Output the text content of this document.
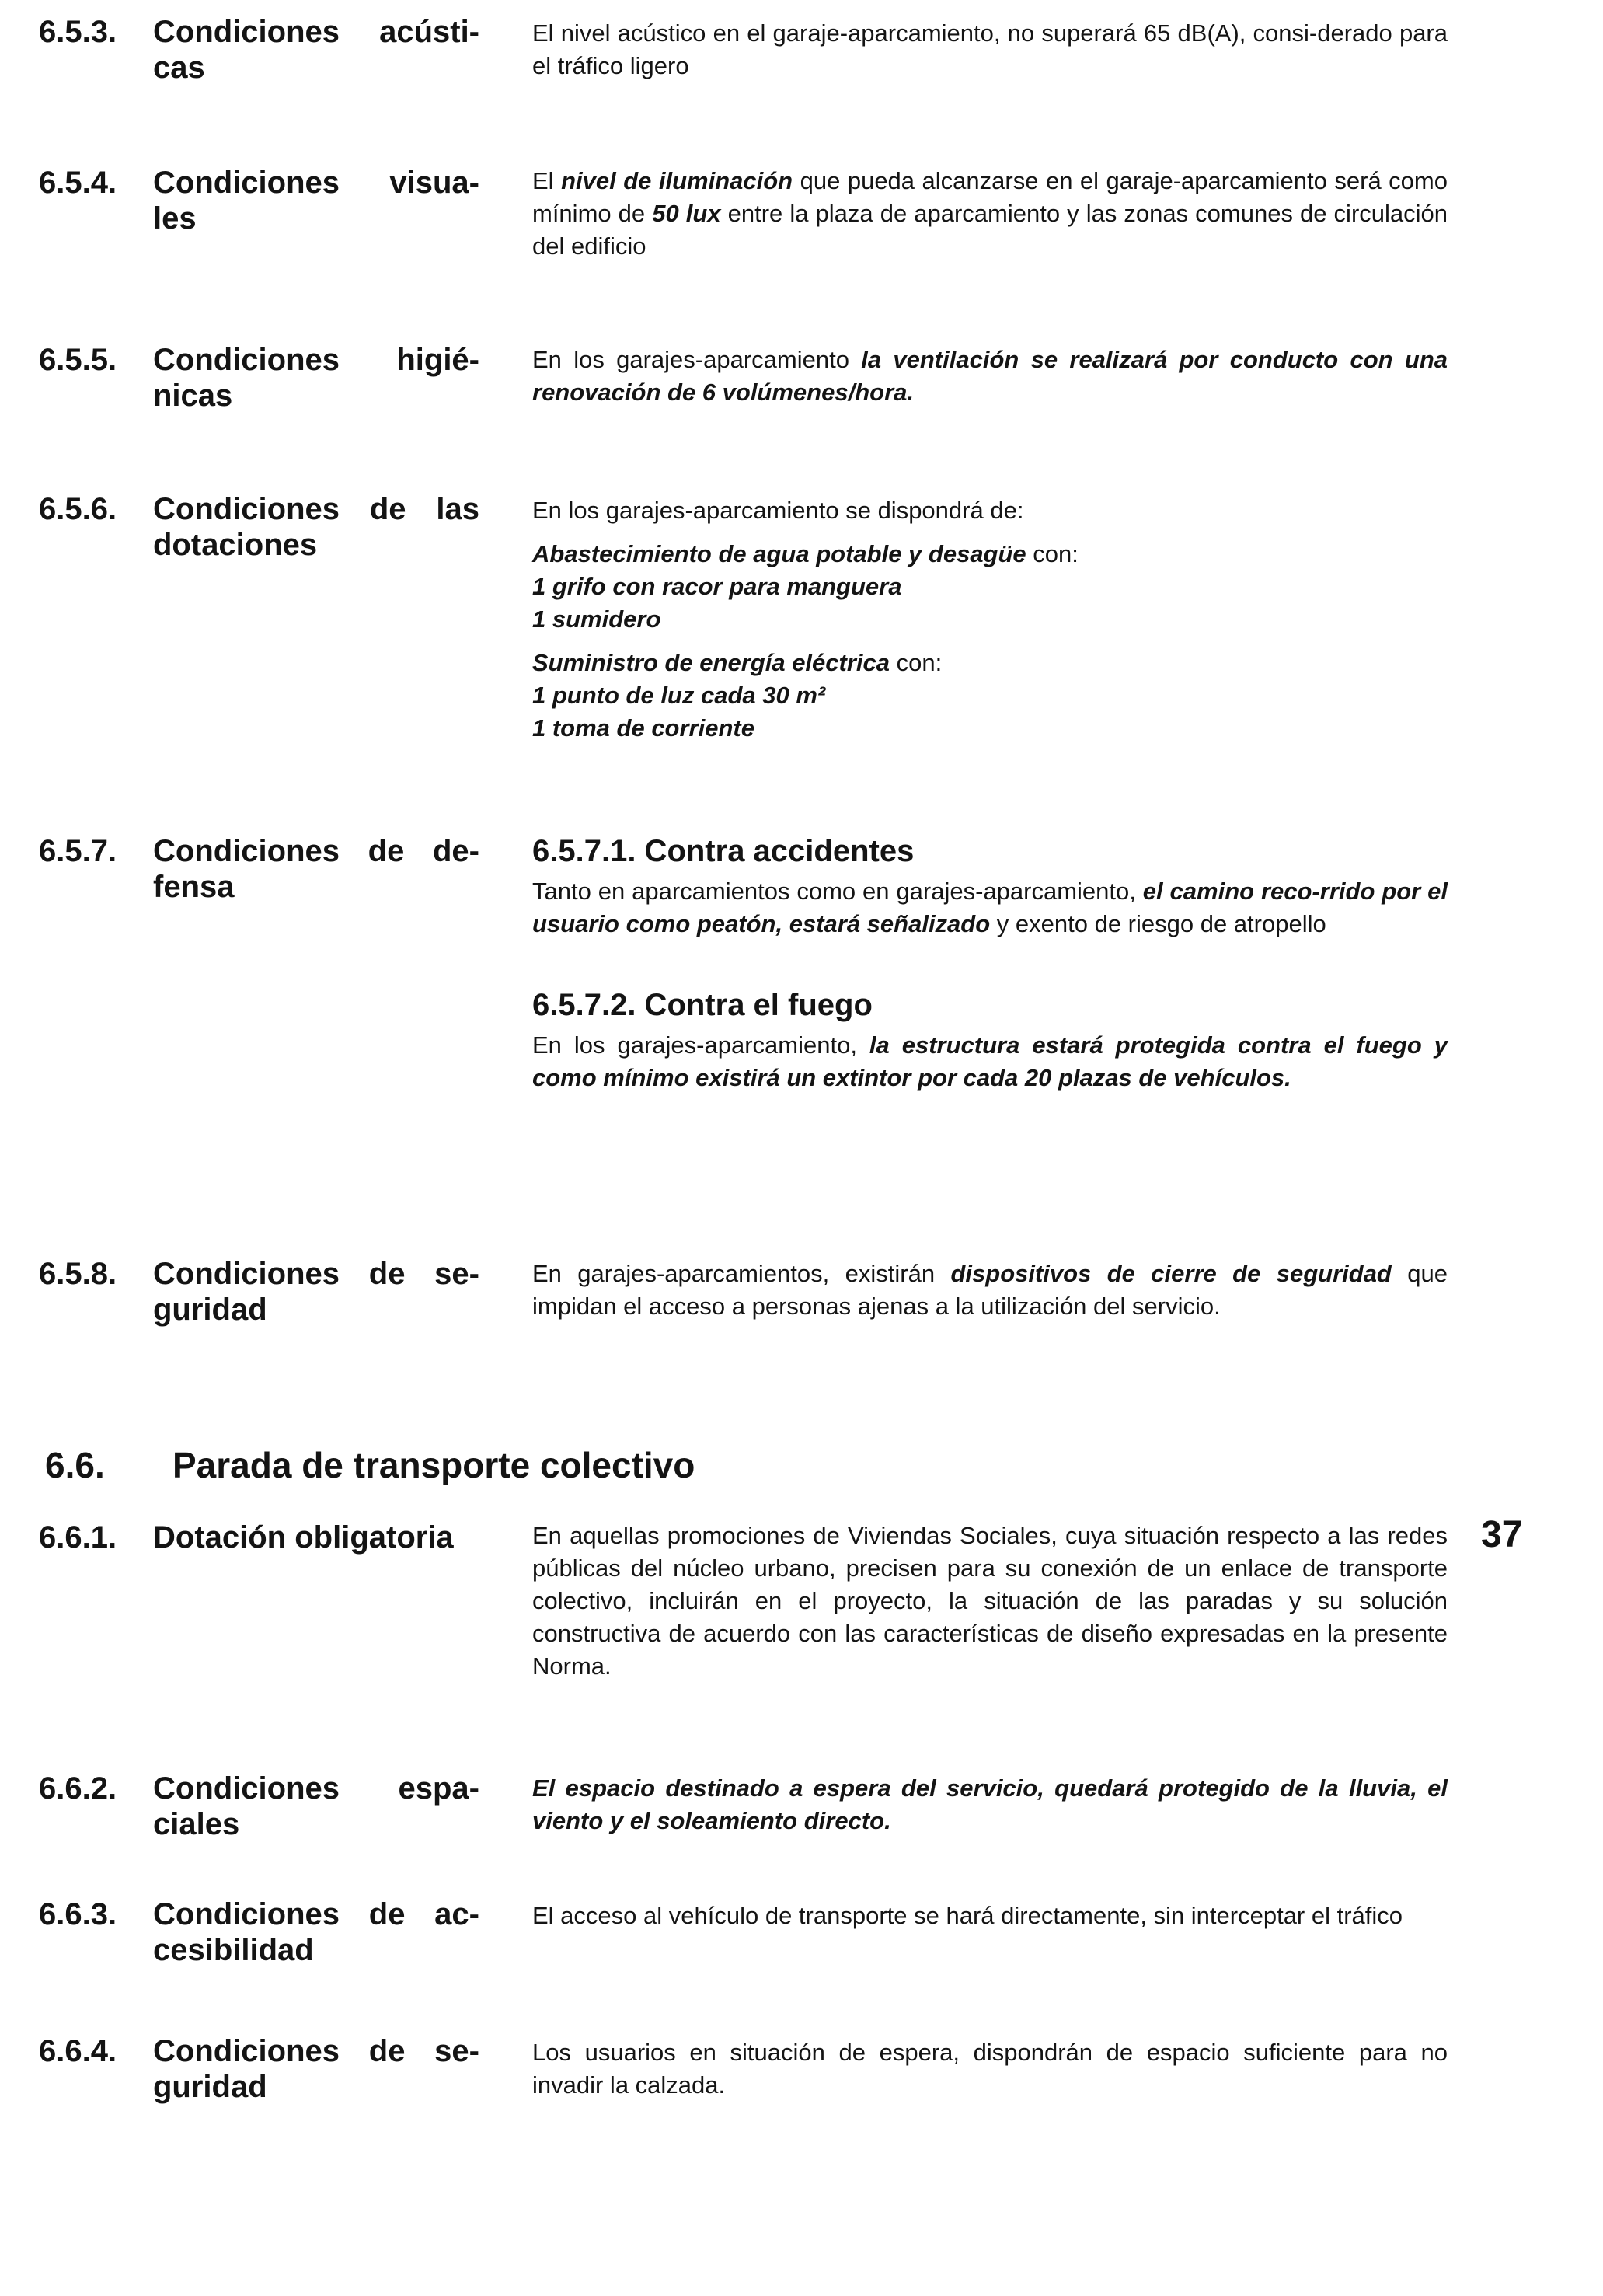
6.5.3. Condiciones acústi-
cas

El nivel acústico en el garaje-aparcamiento, no superará 65 dB(A), consi-derado para el tráfico ligero

6.5.4. Condiciones visua-
les

El nivel de iluminación que pueda alcanzarse en el garaje-aparcamiento será como mínimo de 50 lux entre la plaza de aparcamiento y las zonas comunes de circulación del edificio

6.5.5. Condiciones higié-
nicas

En los garajes-aparcamiento la ventilación se realizará por conducto con una renovación de 6 volúmenes/hora.

6.5.6. Condiciones de las
dotaciones

En los garajes-aparcamiento se dispondrá de:

Abastecimiento de agua potable y desagüe con:

1 grifo con racor para manguera

1 sumidero

Suministro de energía eléctrica con:

1 punto de luz cada 30 m²

1 toma de corriente

6.5.7. Condiciones de de-
fensa
6.5.7.1. Contra accidentes

Tanto en aparcamientos como en garajes-aparcamiento, el camino reco-rrido por el usuario como peatón, estará señalizado y exento de riesgo de atropello

6.5.7.2. Contra el fuego

En los garajes-aparcamiento, la estructura estará protegida contra el fuego y como mínimo existirá un extintor por cada 20 plazas de vehículos.

6.5.8. Condiciones de se-
guridad

En garajes-aparcamientos, existirán dispositivos de cierre de seguridad que impidan el acceso a personas ajenas a la utilización del servicio.

6.6. Parada de transporte colectivo
6.6.1. Dotación obligatoria	En aquellas promociones de Viviendas Sociales, cuya situación respecto a las redes públicas del núcleo urbano, precisen para su conexión de un enlace de transporte colectivo, incluirán en el proyecto, la situación de las paradas y su solución constructiva de acuerdo con las características de diseño expresadas en la presente Norma.

37
6.6.2. Condiciones espa-
ciales

El espacio destinado a espera del servicio, quedará protegido de la lluvia, el viento y el soleamiento directo.

6.6.3. Condiciones de ac-
cesibilidad

El acceso al vehículo de transporte se hará directamente, sin interceptar el tráfico

6.6.4. Condiciones de se-
guridad

Los usuarios en situación de espera, dispondrán de espacio suficiente para no invadir la calzada.
